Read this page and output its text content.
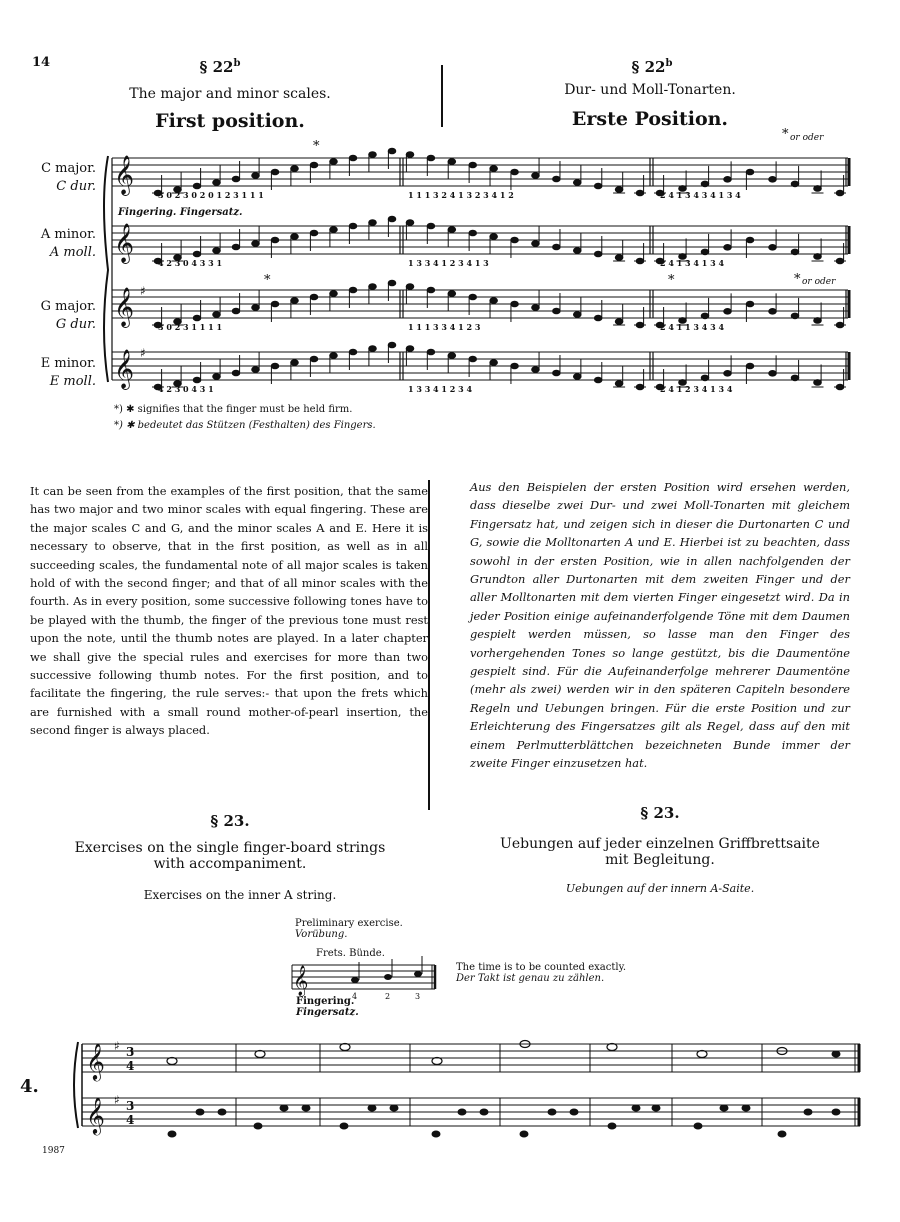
14	§ 22$^b$
The major and minor scales.
First position.
§ 22$^b$
Dur- und Moll-Tonarten.
Erste Position.
C major.
C dur.
A minor.
A moll.
G major.
G dur.
E minor.
E moll.
𝄞
𝄞
𝄞
𝄞
♯
♯
3 0 2 3 0 2 0 1 2 3 1 1 1	1 1 1 3 2 4 1 3 2 3 4 1 2	2 4 1 3 4 3 4 1 3 4
4 2 3 0 4 3 3 1	1 3 3 4 1 2 3 4 1 3	2 4 1 3 4 1 3 4
3 0 2 3 1 1 1 1	1 1 1 3 3 4 1 2 3	2 4 1 1 3 4 3 4
4 2 3 0 4 3 1	1 3 3 4 1 2 3 4	2 4 1 2 3 4 1 3 4
*
*	*
*
*
or oder
or oder
Fingering. Fingersatz.
*) ✱ signifies that the finger must be held firm.
*) ✱ bedeutet das Stützen (Festhalten) des Fingers.
It can be seen from the examples of the first position, that the same has two major and two minor scales with equal fingering. These are the major scales C and G, and the minor scales A and E. Here it is necessary to observe, that in the first position, as well as in all succeeding scales, the fundamental note of all major scales is taken hold of with the second finger; and that of all minor scales with the fourth. As in every position, some successive following tones have to be played with the thumb, the finger of the previous tone must rest upon the note, until the thumb notes are played. In a later chapter we shall give the special rules and exercises for more than two successive following thumb notes. For the first position, and to facilitate the fingering, the rule serves:- that upon the frets which are furnished with a small round mother-of-pearl insertion, the second finger is always placed.
Aus den Beispielen der ersten Position wird ersehen werden, dass dieselbe zwei Dur- und zwei Moll-Tonarten mit gleichem Fingersatz hat, und zeigen sich in dieser die Durtonarten C und G, sowie die Molltonarten A und E. Hierbei ist zu beachten, dass sowohl in der ersten Position, wie in allen nachfolgenden der Grundton aller Durtonarten mit dem zweiten Finger und der aller Molltonarten mit dem vierten Finger eingesetzt wird. Da in jeder Position einige aufeinanderfolgende Töne mit dem Daumen gespielt werden müssen, so lasse man den Finger des vorhergehenden Tones so lange gestützt, bis die Daumentöne gespielt sind. Für die Aufeinanderfolge mehrerer Daumentöne (mehr als zwei) werden wir in den späteren Capiteln besondere Regeln und Uebungen bringen. Für die erste Position und zur Erleichterung des Fingersatzes gilt als Regel, dass auf den mit einem Perlmutterblättchen bezeichneten Bunde immer der zweite Finger einzusetzen hat.
§ 23.
Exercises on the single finger-board strings
with accompaniment.
Exercises on the inner A string.
§ 23.
Uebungen auf jeder einzelnen Griffbrettsaite
mit Begleitung.
Uebungen auf der innern A-Saite.
Preliminary exercise.
Vorübung.
Frets. Bünde.
Fingering.
Fingersatz.
The time is to be counted exactly.
Der Takt ist genau zu zählen.
𝄞
4	2	3
4.
𝄞
𝄞
♯
♯
3
4
3
4
1987
